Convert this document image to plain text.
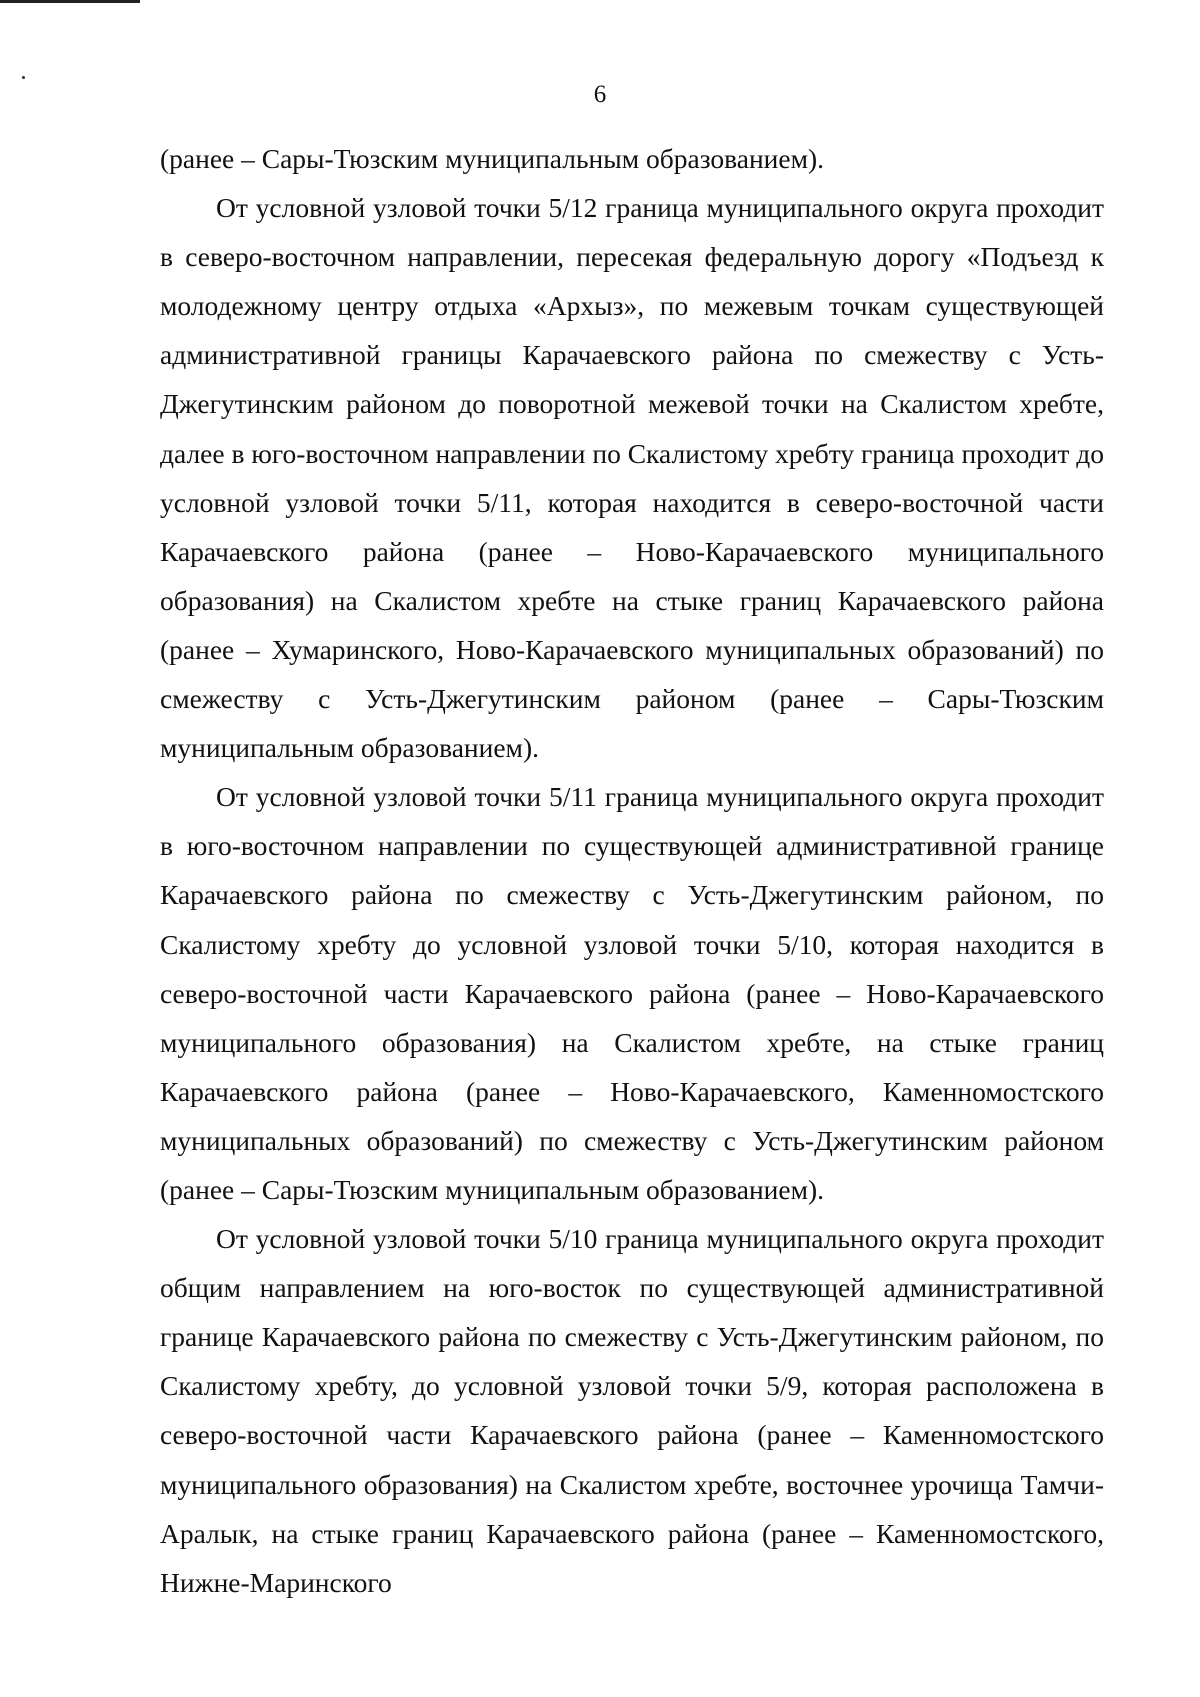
6

(ранее – Сары-Тюзским муниципальным образованием).

От условной узловой точки 5/12 граница муниципального округа проходит в северо-восточном направлении, пересекая федеральную дорогу «Подъезд к молодежному центру отдыха «Архыз», по межевым точкам существующей административной границы Карачаевского района по смежеству с Усть-Джегутинским районом до поворотной межевой точки на Скалистом хребте, далее в юго-восточном направлении по Скалистому хребту граница проходит до условной узловой точки 5/11, которая находится в северо-восточной части Карачаевского района (ранее – Ново-Карачаевского муниципального образования) на Скалистом хребте на стыке границ Карачаевского района (ранее – Хумаринского, Ново-Карачаевского муниципальных образований) по смежеству с Усть-Джегутинским районом (ранее – Сары-Тюзским муниципальным образованием).

От условной узловой точки 5/11 граница муниципального округа проходит в юго-восточном направлении по существующей административной границе Карачаевского района по смежеству с Усть-Джегутинским районом, по Скалистому хребту до условной узловой точки 5/10, которая находится в северо-восточной части Карачаевского района (ранее – Ново-Карачаевского муниципального образования) на Скалистом хребте, на стыке границ Карачаевского района (ранее – Ново-Карачаевского, Каменномостского муниципальных образований) по смежеству с Усть-Джегутинским районом (ранее – Сары-Тюзским муниципальным образованием).

От условной узловой точки 5/10 граница муниципального округа проходит общим направлением на юго-восток по существующей административной границе Карачаевского района по смежеству с Усть-Джегутинским районом, по Скалистому хребту, до условной узловой точки 5/9, которая расположена в северо-восточной части Карачаевского района (ранее – Каменномостского муниципального образования) на Скалистом хребте, восточнее урочища Тамчи-Аралык, на стыке границ Карачаевского района (ранее – Каменномостского, Нижне-Маринского
